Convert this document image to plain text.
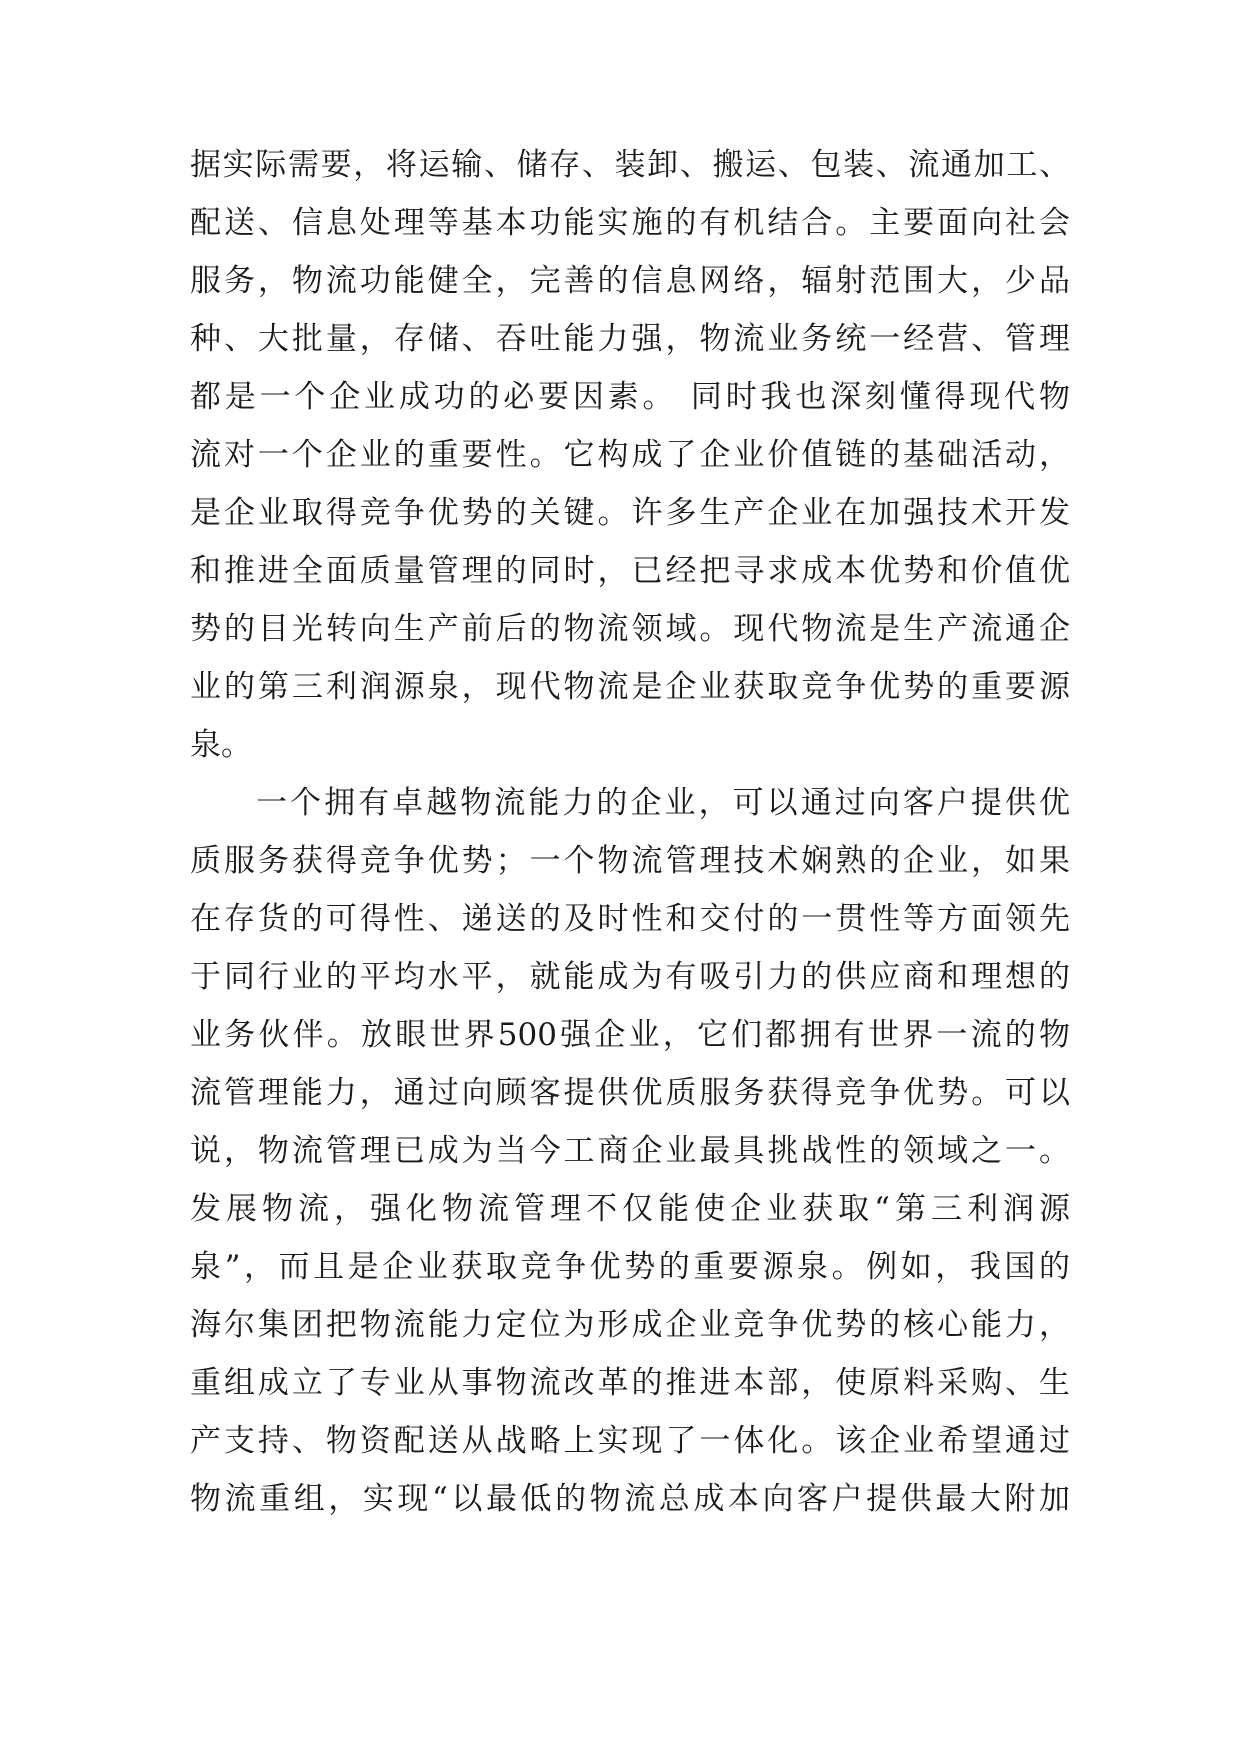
据实际需要，将运输、储存、装卸、搬运、包装、流通加工、
配送、信息处理等基本功能实施的有机结合。主要面向社会
服务，物流功能健全，完善的信息网络，辐射范围大，少品
种、大批量，存储、吞吐能力强，物流业务统一经营、管理
都是一个企业成功的必要因素。 同时我也深刻懂得现代物
流对一个企业的重要性。它构成了企业价值链的基础活动，
是企业取得竞争优势的关键。许多生产企业在加强技术开发
和推进全面质量管理的同时，已经把寻求成本优势和价值优
势的目光转向生产前后的物流领域。现代物流是生产流通企
业的第三利润源泉，现代物流是企业获取竞争优势的重要源
泉。
一个拥有卓越物流能力的企业，可以通过向客户提供优
质服务获得竞争优势；一个物流管理技术娴熟的企业，如果
在存货的可得性、递送的及时性和交付的一贯性等方面领先
于同行业的平均水平，就能成为有吸引力的供应商和理想的
业务伙伴。放眼世界500强企业，它们都拥有世界一流的物
流管理能力，通过向顾客提供优质服务获得竞争优势。可以
说，物流管理已成为当今工商企业最具挑战性的领域之一。
发展物流，强化物流管理不仅能使企业获取“第三利润源
泉”，而且是企业获取竞争优势的重要源泉。例如，我国的
海尔集团把物流能力定位为形成企业竞争优势的核心能力，
重组成立了专业从事物流改革的推进本部，使原料采购、生
产支持、物资配送从战略上实现了一体化。该企业希望通过
物流重组，实现“以最低的物流总成本向客户提供最大附加
